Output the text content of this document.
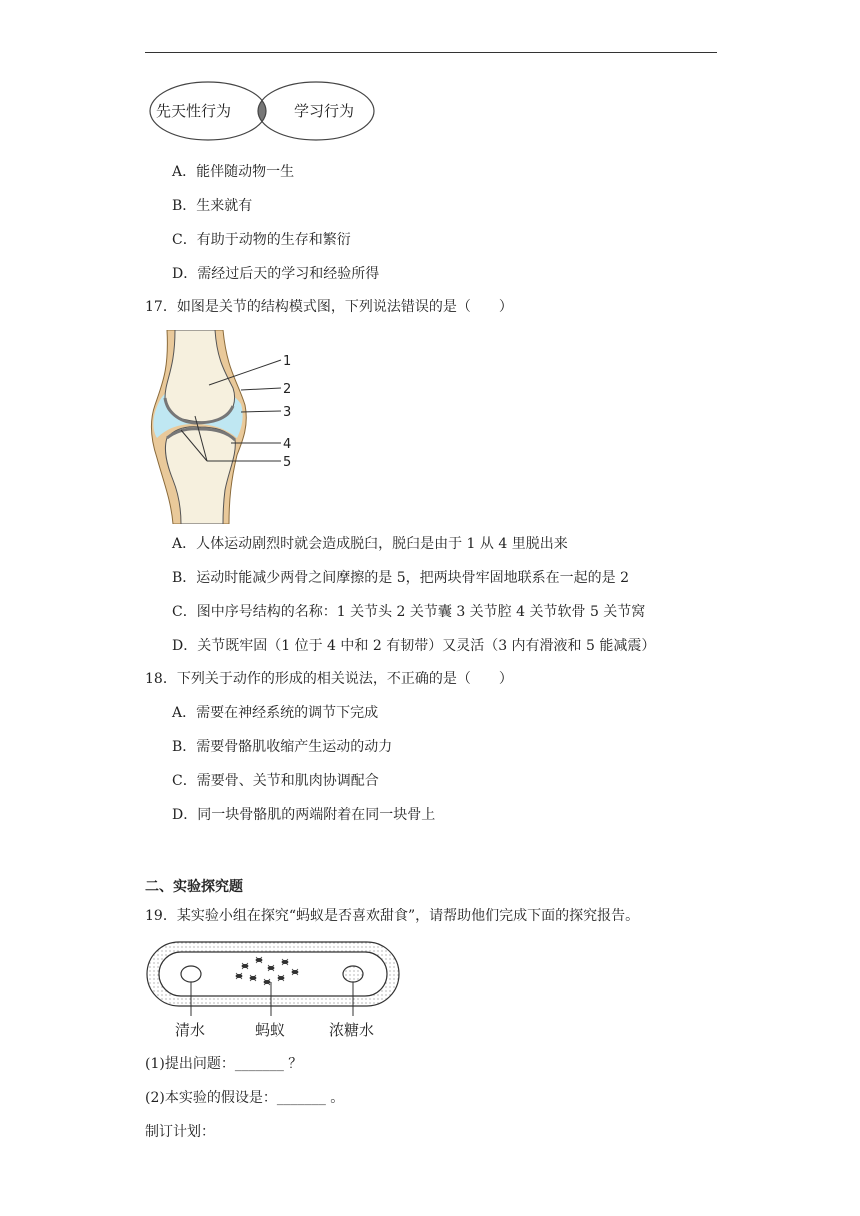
先天性行为	学习行为
A．能伴随动物一生
B．生来就有
C．有助于动物的生存和繁衍
D．需经过后天的学习和经验所得
17．如图是关节的结构模式图，下列说法错误的是（　　）
1
2
3
4
5
A．人体运动剧烈时就会造成脱臼，脱臼是由于 1 从 4 里脱出来
B．运动时能减少两骨之间摩擦的是 5，把两块骨牢固地联系在一起的是 2
C．图中序号结构的名称：1 关节头 2 关节囊 3 关节腔 4 关节软骨 5 关节窝
D．关节既牢固（1 位于 4 中和 2 有韧带）又灵活（3 内有滑液和 5 能减震）
18．下列关于动作的形成的相关说法，不正确的是（　　）
A．需要在神经系统的调节下完成
B．需要骨骼肌收缩产生运动的动力
C．需要骨、关节和肌肉协调配合
D．同一块骨骼肌的两端附着在同一块骨上
二、实验探究题
19．某实验小组在探究“蚂蚁是否喜欢甜食”，请帮助他们完成下面的探究报告。
清水	蚂蚁	浓糖水
(1)提出问题：_______ ？
(2)本实验的假设是：_______ 。
制订计划：
